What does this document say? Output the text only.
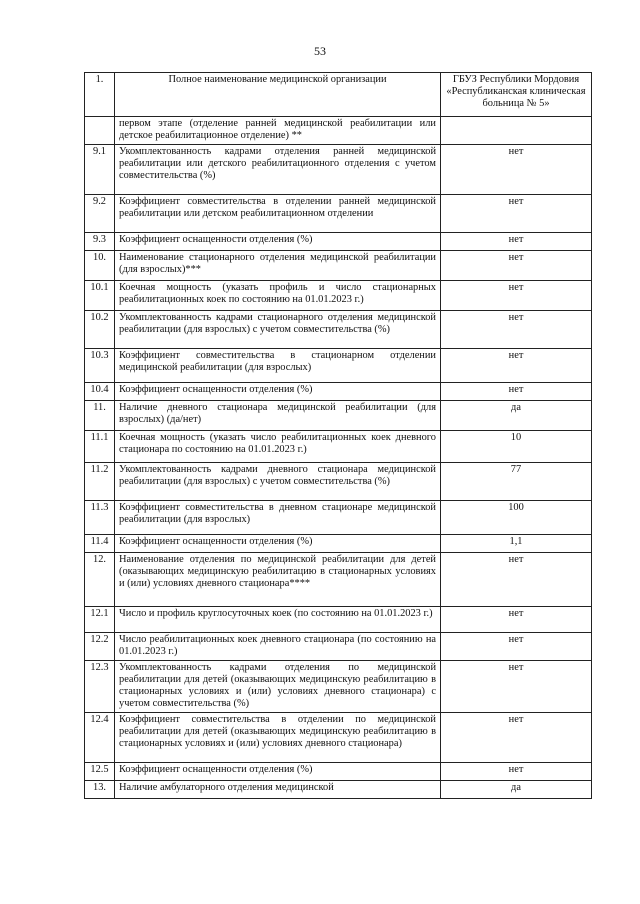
53
1.	Полное наименование медицинской организации	ГБУЗ Республики Мордовия «Республиканская клиническая больница № 5»
	первом этапе (отделение ранней медицинской реабилитации или детское реабилитационное отделение) **	
9.1	Укомплектованность кадрами отделения ранней медицинской реабилитации или детского реабилитационного отделения с учетом совместительства (%)	нет
9.2	Коэффициент совместительства в отделении ранней медицинской реабилитации или детском реабилитационном отделении	нет
9.3	Коэффициент оснащенности отделения (%)	нет
10.	Наименование стационарного отделения медицинской реабилитации (для взрослых)***	нет
10.1	Коечная мощность (указать профиль и число стационарных реабилитационных коек по состоянию на 01.01.2023 г.)	нет
10.2	Укомплектованность кадрами стационарного отделения медицинской реабилитации (для взрослых) с учетом совместительства (%)	нет
10.3	Коэффициент совместительства в стационарном отделении медицинской реабилитации (для взрослых)	нет
10.4	Коэффициент оснащенности отделения (%)	нет
11.	Наличие дневного стационара медицинской реабилитации (для взрослых) (да/нет)	да
11.1	Коечная мощность (указать число реабилитационных коек дневного стационара по состоянию на 01.01.2023 г.)	10
11.2	Укомплектованность кадрами дневного стационара медицинской реабилитации (для взрослых) с учетом совместительства (%)	77
11.3	Коэффициент совместительства в дневном стационаре медицинской реабилитации (для взрослых)	100
11.4	Коэффициент оснащенности отделения (%)	1,1
12.	Наименование отделения по медицинской реабилитации для детей (оказывающих медицинскую реабилитацию в стационарных условиях и (или) условиях дневного стационара****	нет
12.1	Число и профиль круглосуточных коек (по состоянию на 01.01.2023 г.)	нет
12.2	Число реабилитационных коек дневного стационара (по состоянию на 01.01.2023 г.)	нет
12.3	Укомплектованность кадрами отделения по медицинской реабилитации для детей (оказывающих медицинскую реабилитацию в стационарных условиях и (или) условиях дневного стационара) с учетом совместительства (%)	нет
12.4	Коэффициент совместительства в отделении по медицинской реабилитации для детей (оказывающих медицинскую реабилитацию в стационарных условиях и (или) условиях дневного стационара)	нет
12.5	Коэффициент оснащенности отделения (%)	нет
13.	Наличие амбулаторного отделения медицинской	да
